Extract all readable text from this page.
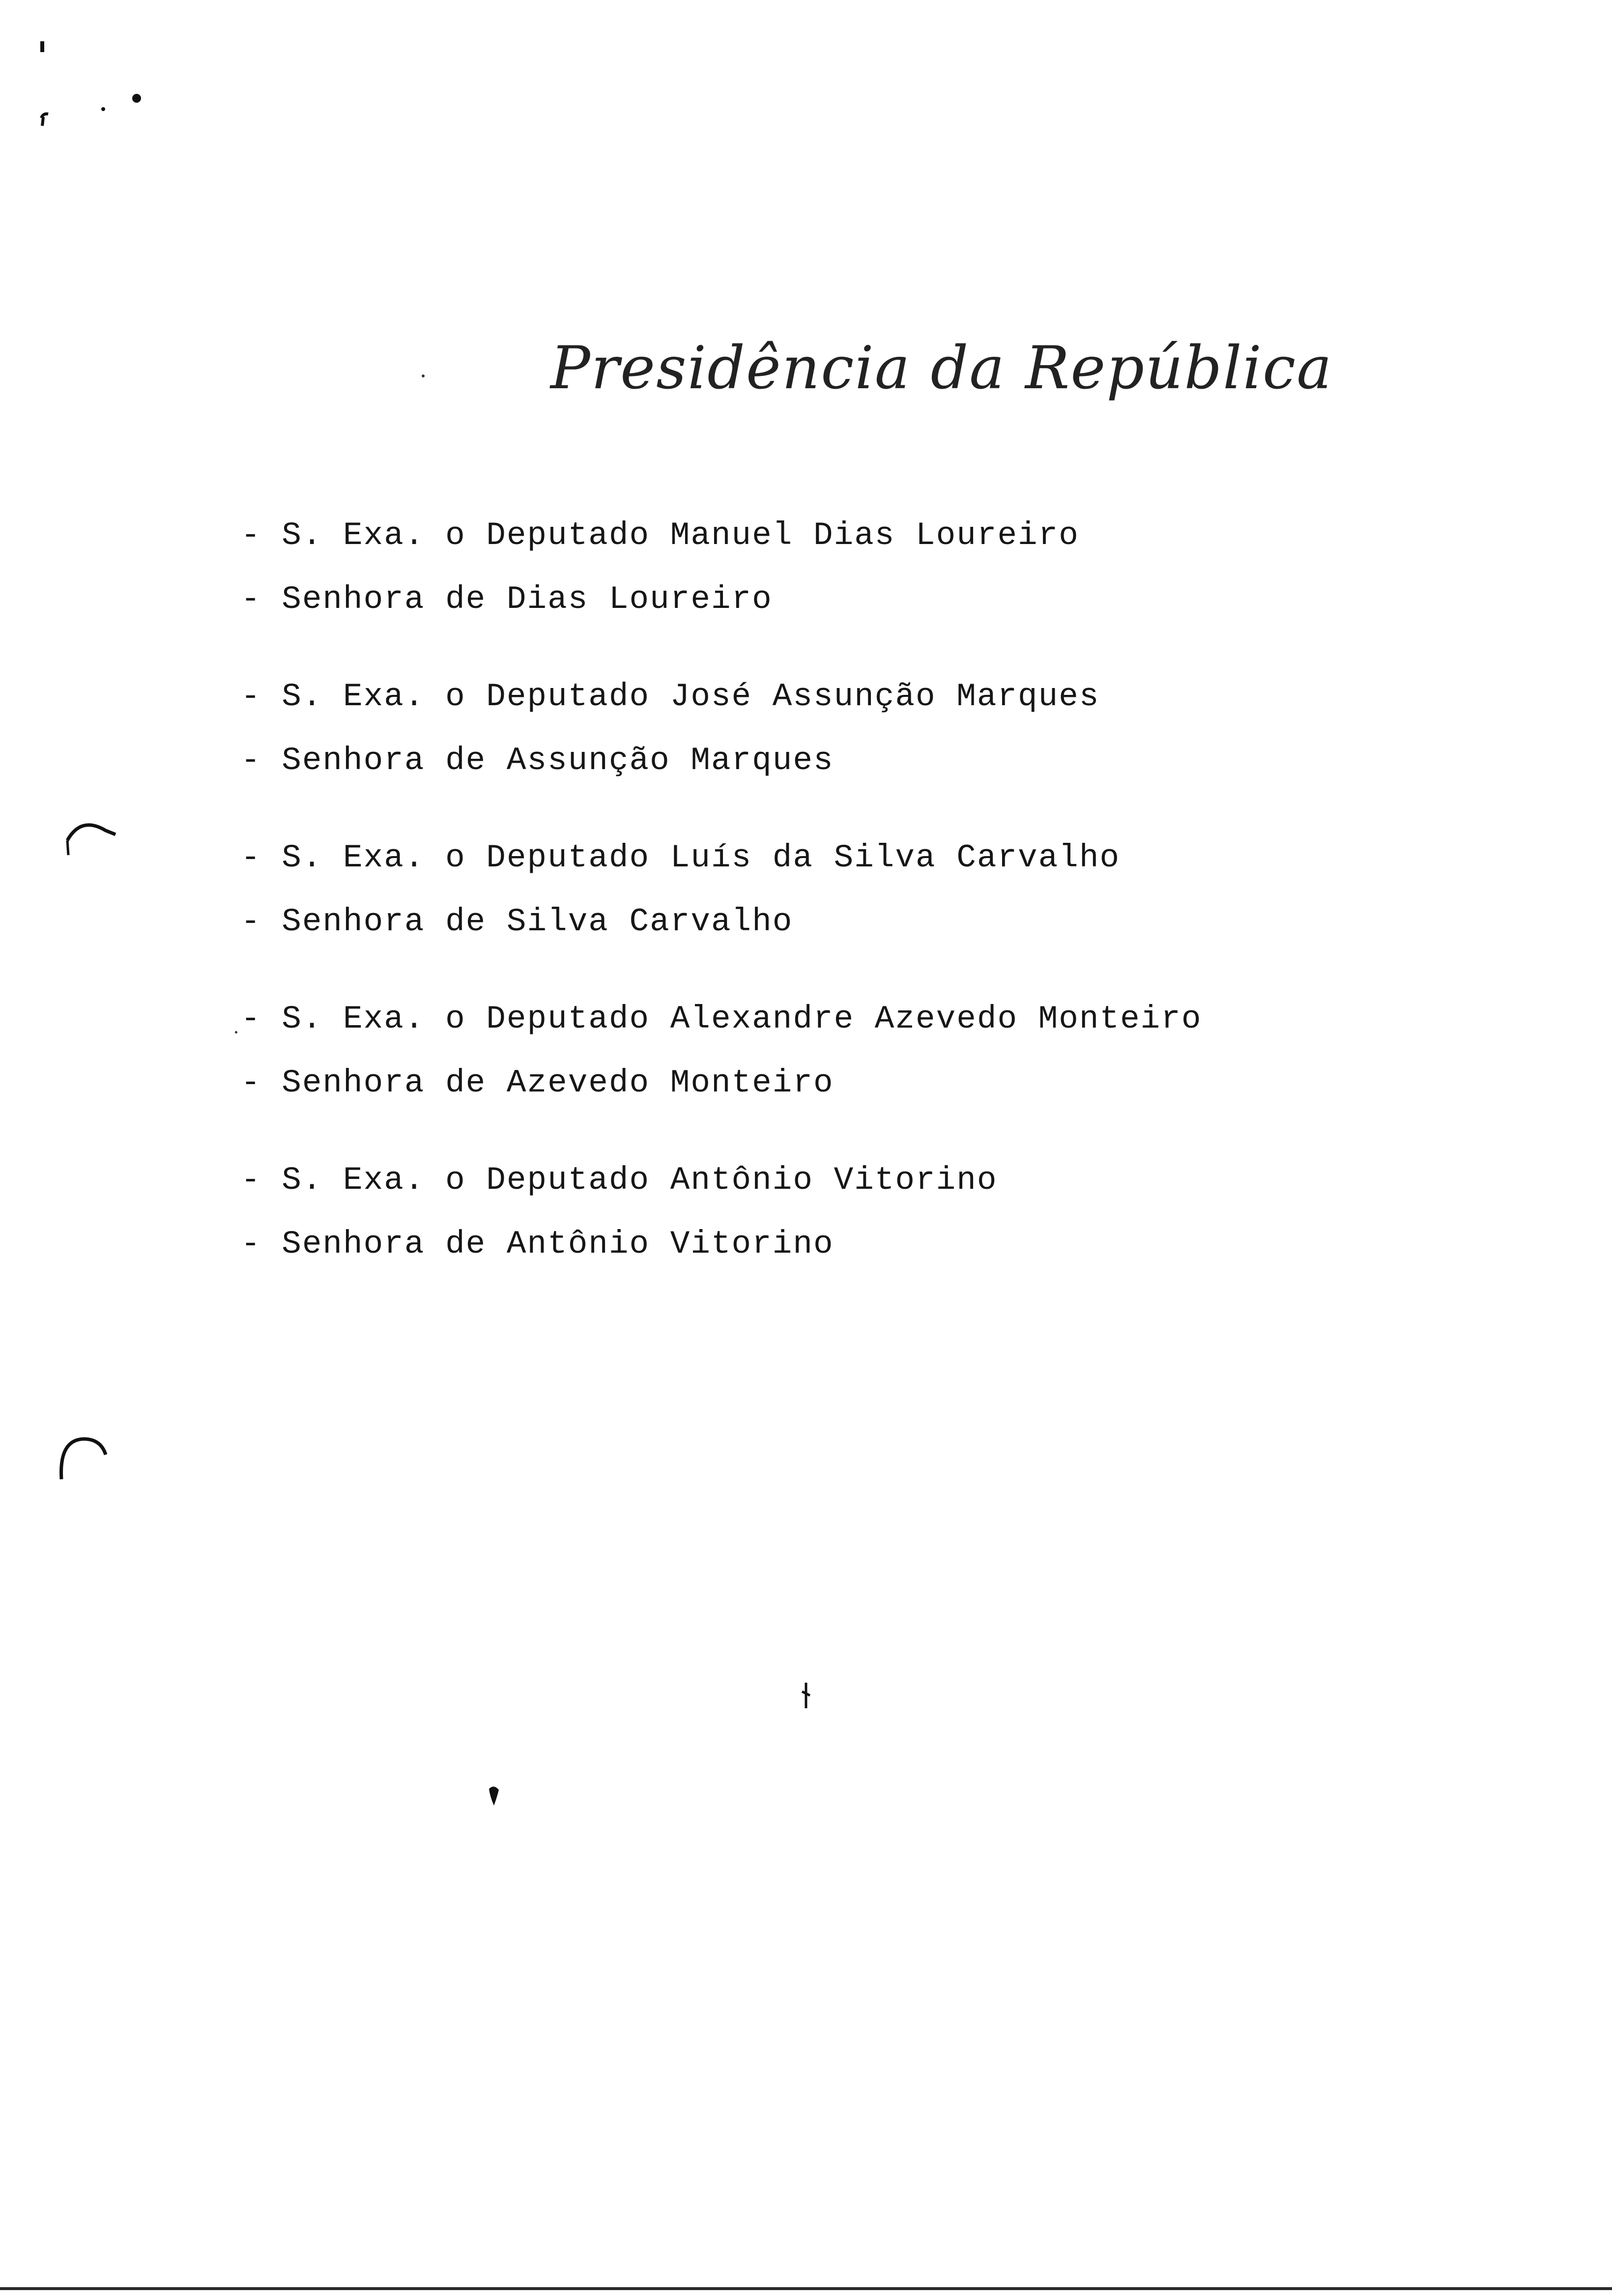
Presidência da República
- S. Exa. o Deputado Manuel Dias Loureiro
- Senhora de Dias Loureiro
- S. Exa. o Deputado José Assunção Marques
- Senhora de Assunção Marques
- S. Exa. o Deputado Luís da Silva Carvalho
- Senhora de Silva Carvalho
- S. Exa. o Deputado Alexandre Azevedo Monteiro
- Senhora de Azevedo Monteiro
- S. Exa. o Deputado Antônio Vitorino
- Senhora de Antônio Vitorino
